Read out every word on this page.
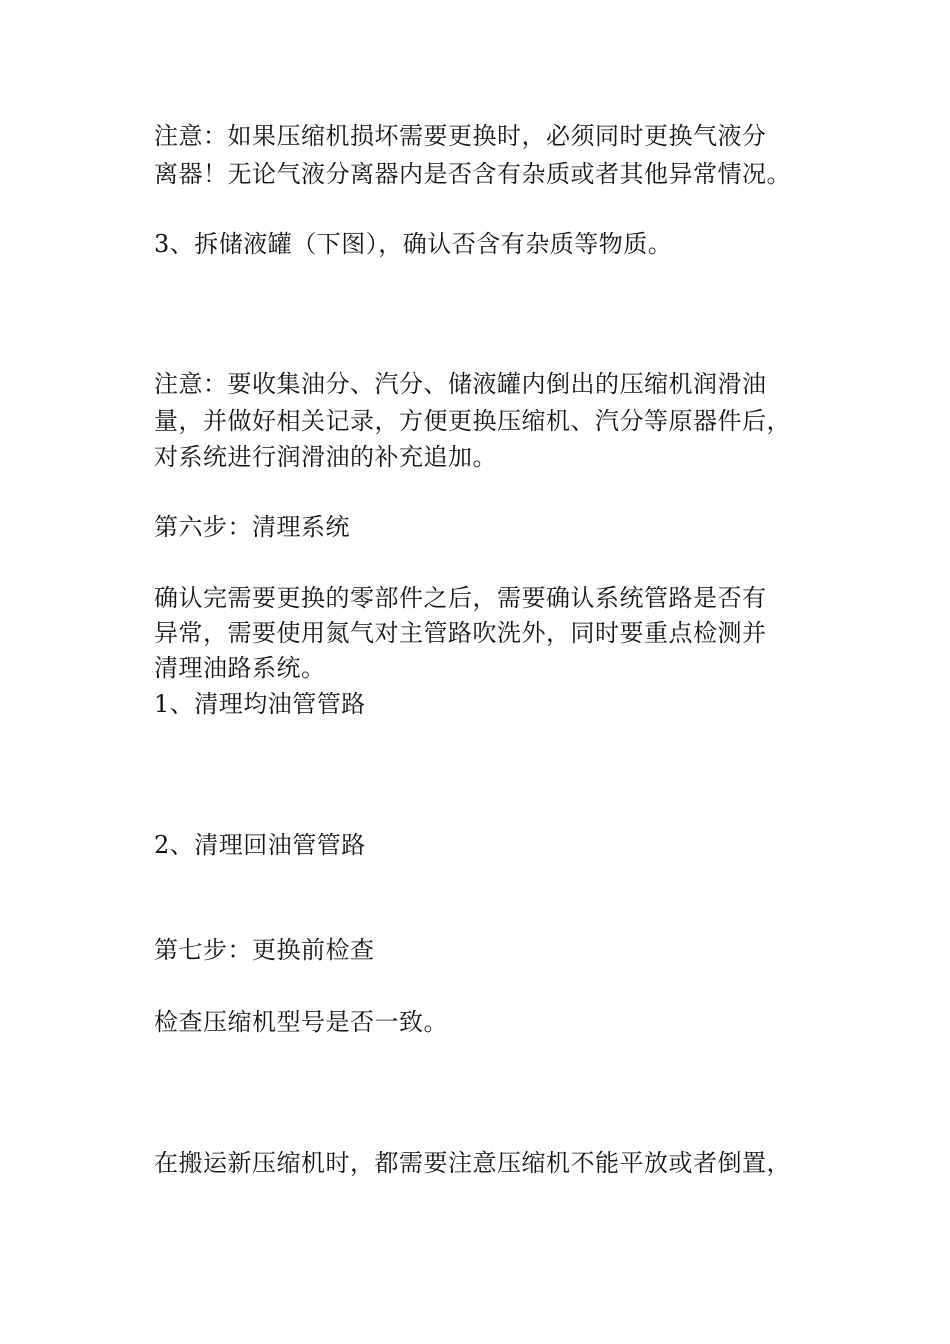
注意：如果压缩机损坏需要更换时，必须同时更换气液分
离器！无论气液分离器内是否含有杂质或者其他异常情况。
3、拆储液罐（下图），确认否含有杂质等物质。
注意：要收集油分、汽分、储液罐内倒出的压缩机润滑油
量，并做好相关记录，方便更换压缩机、汽分等原器件后，
对系统进行润滑油的补充追加。
第六步：清理系统
确认完需要更换的零部件之后，需要确认系统管路是否有
异常，需要使用氮气对主管路吹洗外，同时要重点检测并
清理油路系统。
1、清理均油管管路
2、清理回油管管路
第七步：更换前检查
检查压缩机型号是否一致。
在搬运新压缩机时，都需要注意压缩机不能平放或者倒置，
